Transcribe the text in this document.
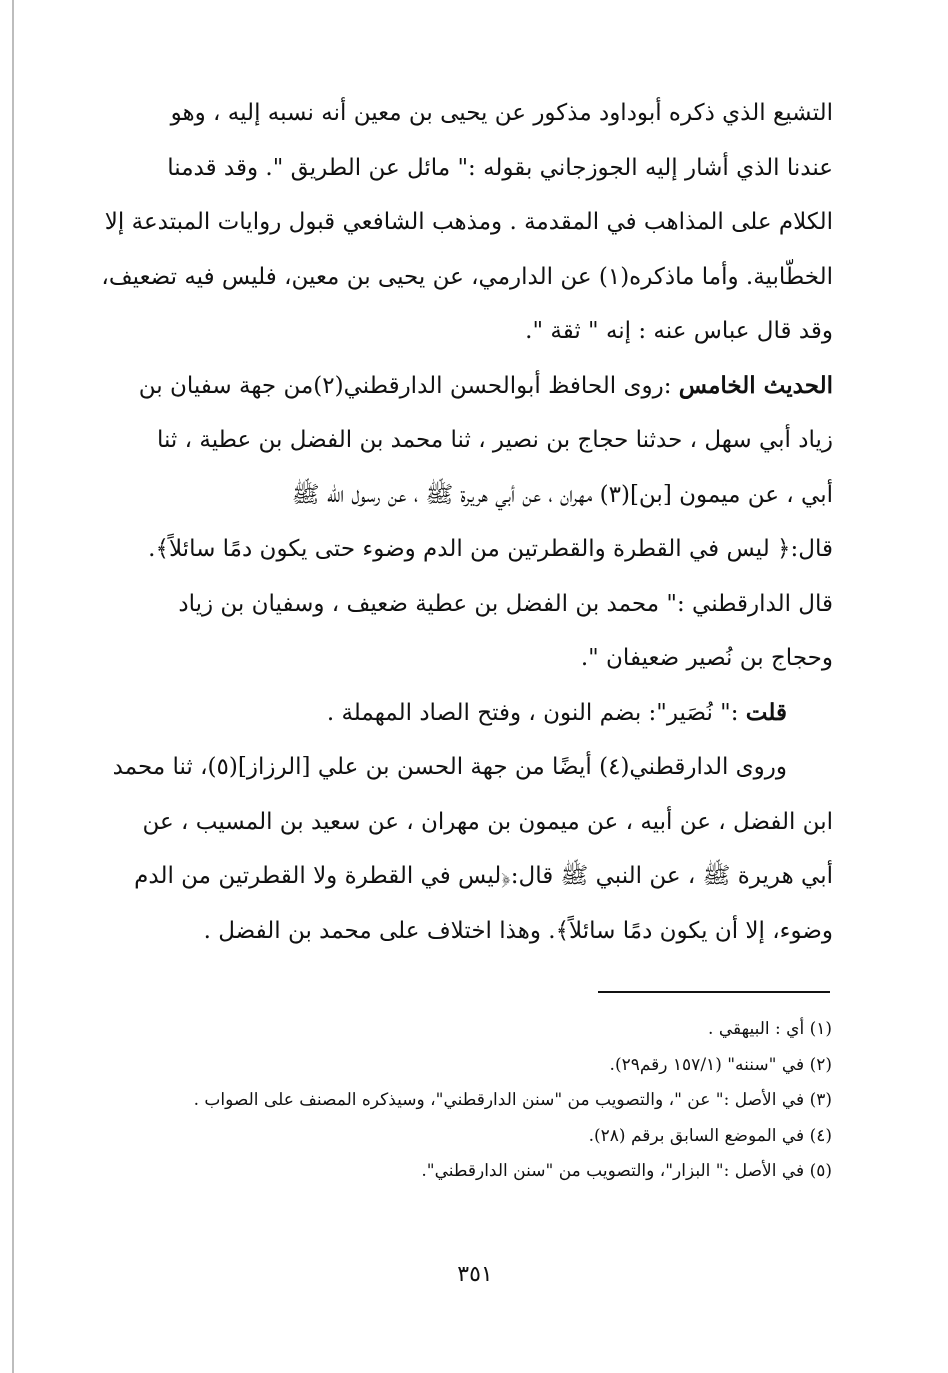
التشيع الذي ذكره أبوداود مذكور عن يحيى بن معين أنه نسبه إليه ، وهو
عندنا الذي أشار إليه الجوزجاني بقوله :" مائل عن الطريق ". وقد قدمنا
الكلام على المذاهب في المقدمة . ومذهب الشافعي قبول روايات المبتدعة إلا
الخطّابية. وأما ماذكره(١) عن الدارمي، عن يحيى بن معين، فليس فيه تضعيف،
وقد قال عباس عنه : إنه " ثقة ".
الحديث الخامس :روى الحافظ أبوالحسن الدارقطني(٢)من جهة سفيان بن
زياد أبي سهل ، حدثنا حجاج بن نصير ، ثنا محمد بن الفضل بن عطية ، ثنا
أبي ، عن ميمون [بن](٣) مهران ، عن أبي هريرة ﷺ ، عن رسول الله ﷺ
قال:﴿ ليس في القطرة والقطرتين من الدم وضوء حتى يكون دمًا سائلاً﴾.
قال الدارقطني :" محمد بن الفضل بن عطية ضعيف ، وسفيان بن زياد
وحجاج بن نُصير ضعيفان ".
قلت :" نُصَير": بضم النون ، وفتح الصاد المهملة .
وروى الدارقطني(٤) أيضًا من جهة الحسن بن علي [الرزاز](٥)، ثنا محمد
ابن الفضل ، عن أبيه ، عن ميمون بن مهران ، عن سعيد بن المسيب ، عن
أبي هريرة ﷺ ، عن النبي ﷺ قال:﴿ليس في القطرة ولا القطرتين من الدم
وضوء، إلا أن يكون دمًا سائلاً﴾. وهذا اختلاف على محمد بن الفضل .
(١) أي : البيهقي .
(٢) في "سننه" (١٥٧/١ رقم٢٩).
(٣) في الأصل :" عن "، والتصويب من "سنن الدارقطني"، وسيذكره المصنف على الصواب .
(٤) في الموضع السابق برقم (٢٨).
(٥) في الأصل :" البزار"، والتصويب من "سنن الدارقطني".
٣٥١
